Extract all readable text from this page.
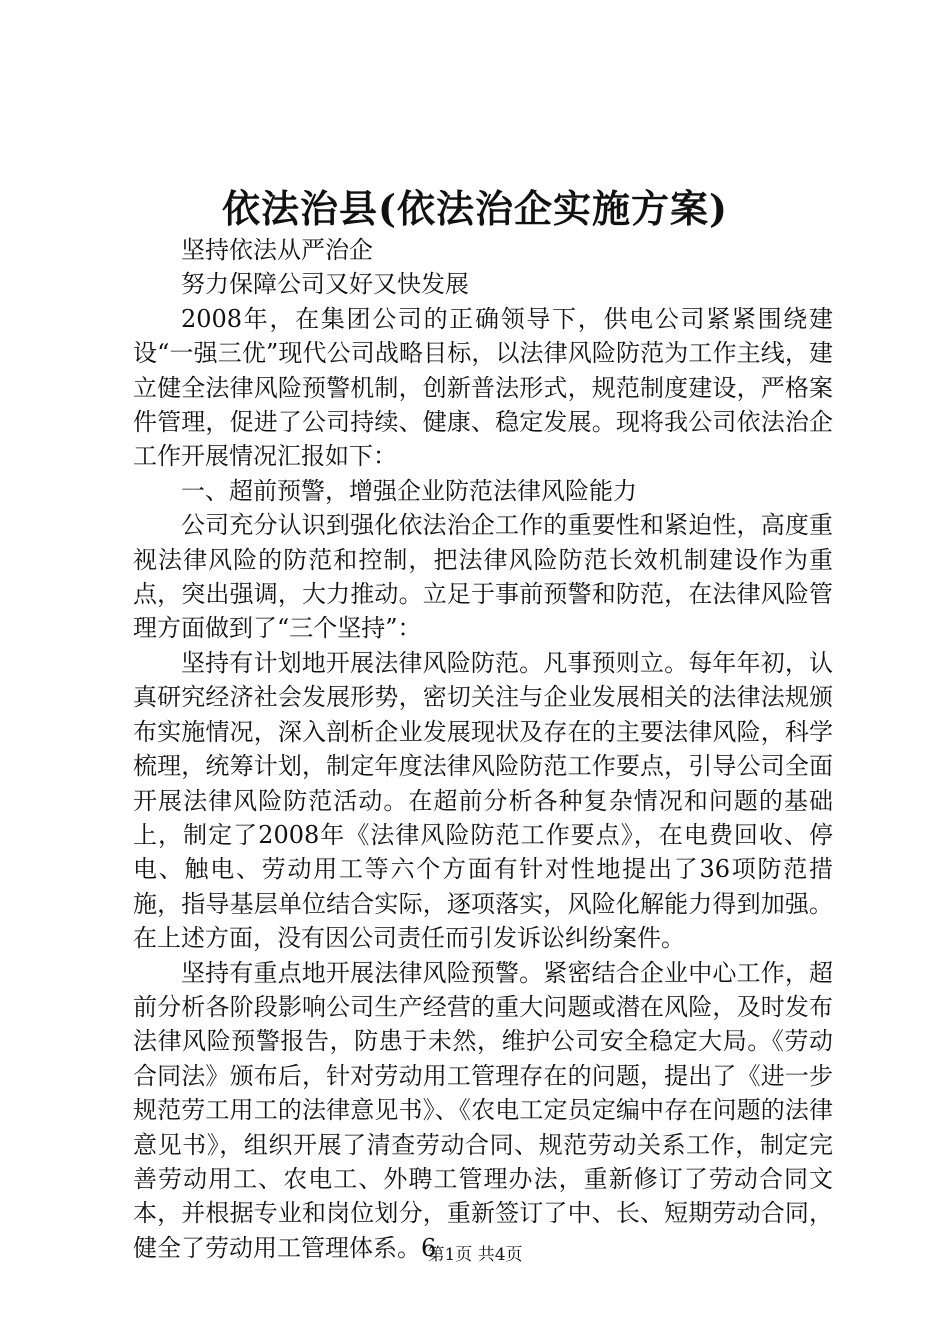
依法治县(依法治企实施方案)

坚持依法从严治企

努力保障公司又好又快发展

2008年，在集团公司的正确领导下，供电公司紧紧围绕建设“一强三优”现代公司战略目标，以法律风险防范为工作主线，建立健全法律风险预警机制，创新普法形式，规范制度建设，严格案件管理，促进了公司持续、健康、稳定发展。现将我公司依法治企工作开展情况汇报如下：

一、超前预警，增强企业防范法律风险能力

公司充分认识到强化依法治企工作的重要性和紧迫性，高度重视法律风险的防范和控制，把法律风险防范长效机制建设作为重点，突出强调，大力推动。立足于事前预警和防范，在法律风险管理方面做到了“三个坚持”：

坚持有计划地开展法律风险防范。凡事预则立。每年年初，认真研究经济社会发展形势，密切关注与企业发展相关的法律法规颁布实施情况，深入剖析企业发展现状及存在的主要法律风险，科学梳理，统筹计划，制定年度法律风险防范工作要点，引导公司全面开展法律风险防范活动。在超前分析各种复杂情况和问题的基础上，制定了2008年《法律风险防范工作要点》，在电费回收、停电、触电、劳动用工等六个方面有针对性地提出了36项防范措施，指导基层单位结合实际，逐项落实，风险化解能力得到加强。在上述方面，没有因公司责任而引发诉讼纠纷案件。

坚持有重点地开展法律风险预警。紧密结合企业中心工作，超前分析各阶段影响公司生产经营的重大问题或潜在风险，及时发布法律风险预警报告，防患于未然，维护公司安全稳定大局。《劳动合同法》颁布后，针对劳动用工管理存在的问题，提出了《进一步规范劳工用工的法律意见书》、《农电工定员定编中存在问题的法律意见书》，组织开展了清查劳动合同、规范劳动关系工作，制定完善劳动用工、农电工、外聘工管理办法，重新修订了劳动合同文本，并根据专业和岗位划分，重新签订了中、长、短期劳动合同，健全了劳动用工管理体系。6

第1页 共4页
